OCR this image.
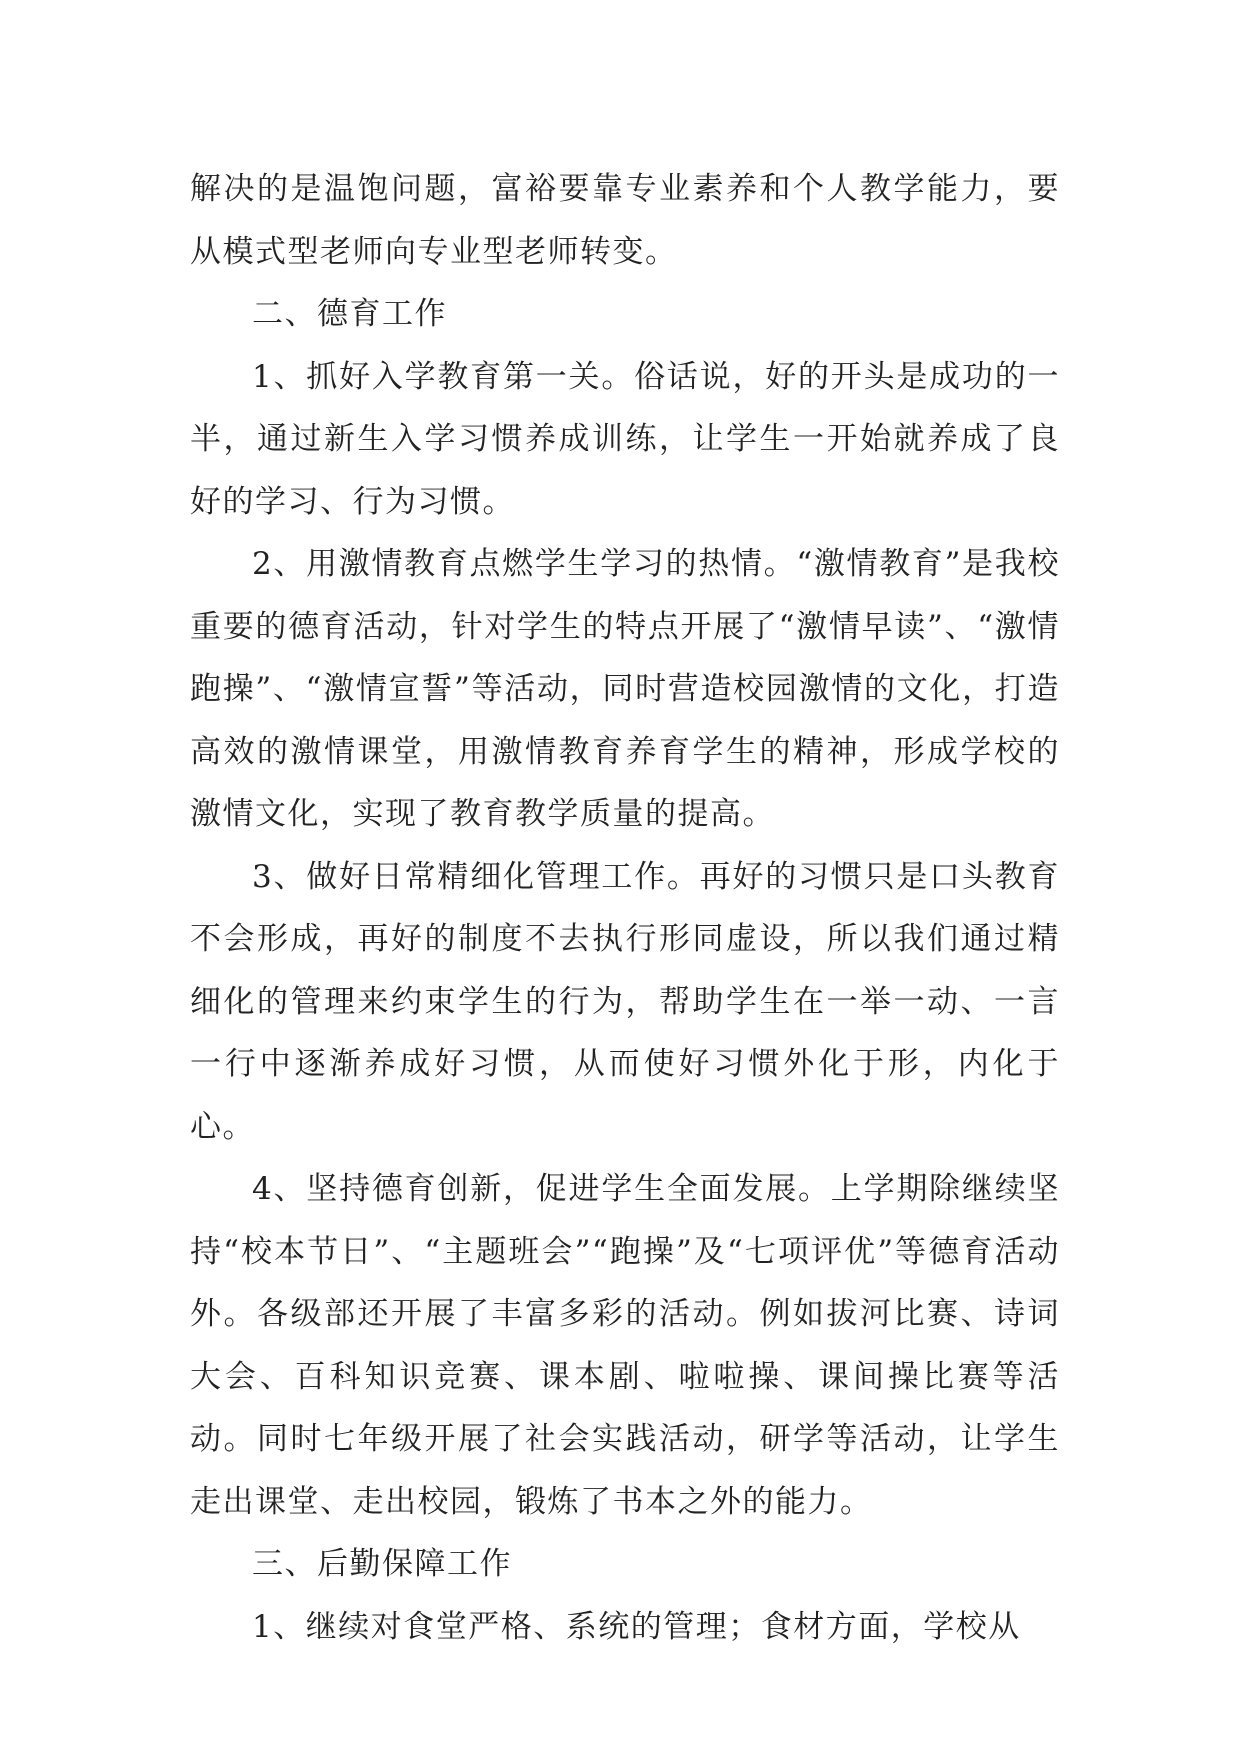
解决的是温饱问题，富裕要靠专业素养和个人教学能力，要从模式型老师向专业型老师转变。

二、德育工作

1、抓好入学教育第一关。俗话说，好的开头是成功的一半，通过新生入学习惯养成训练，让学生一开始就养成了良好的学习、行为习惯。

2、用激情教育点燃学生学习的热情。“激情教育”是我校重要的德育活动，针对学生的特点开展了“激情早读”、“激情跑操”、“激情宣誓”等活动，同时营造校园激情的文化，打造高效的激情课堂，用激情教育养育学生的精神，形成学校的激情文化，实现了教育教学质量的提高。

3、做好日常精细化管理工作。再好的习惯只是口头教育不会形成，再好的制度不去执行形同虚设，所以我们通过精细化的管理来约束学生的行为，帮助学生在一举一动、一言一行中逐渐养成好习惯，从而使好习惯外化于形，内化于心。

4、坚持德育创新，促进学生全面发展。上学期除继续坚持“校本节日”、“主题班会”“跑操”及“七项评优”等德育活动外。各级部还开展了丰富多彩的活动。例如拔河比赛、诗词大会、百科知识竞赛、课本剧、啦啦操、课间操比赛等活动。同时七年级开展了社会实践活动，研学等活动，让学生走出课堂、走出校园，锻炼了书本之外的能力。

三、后勤保障工作

1、继续对食堂严格、系统的管理；食材方面，学校从
